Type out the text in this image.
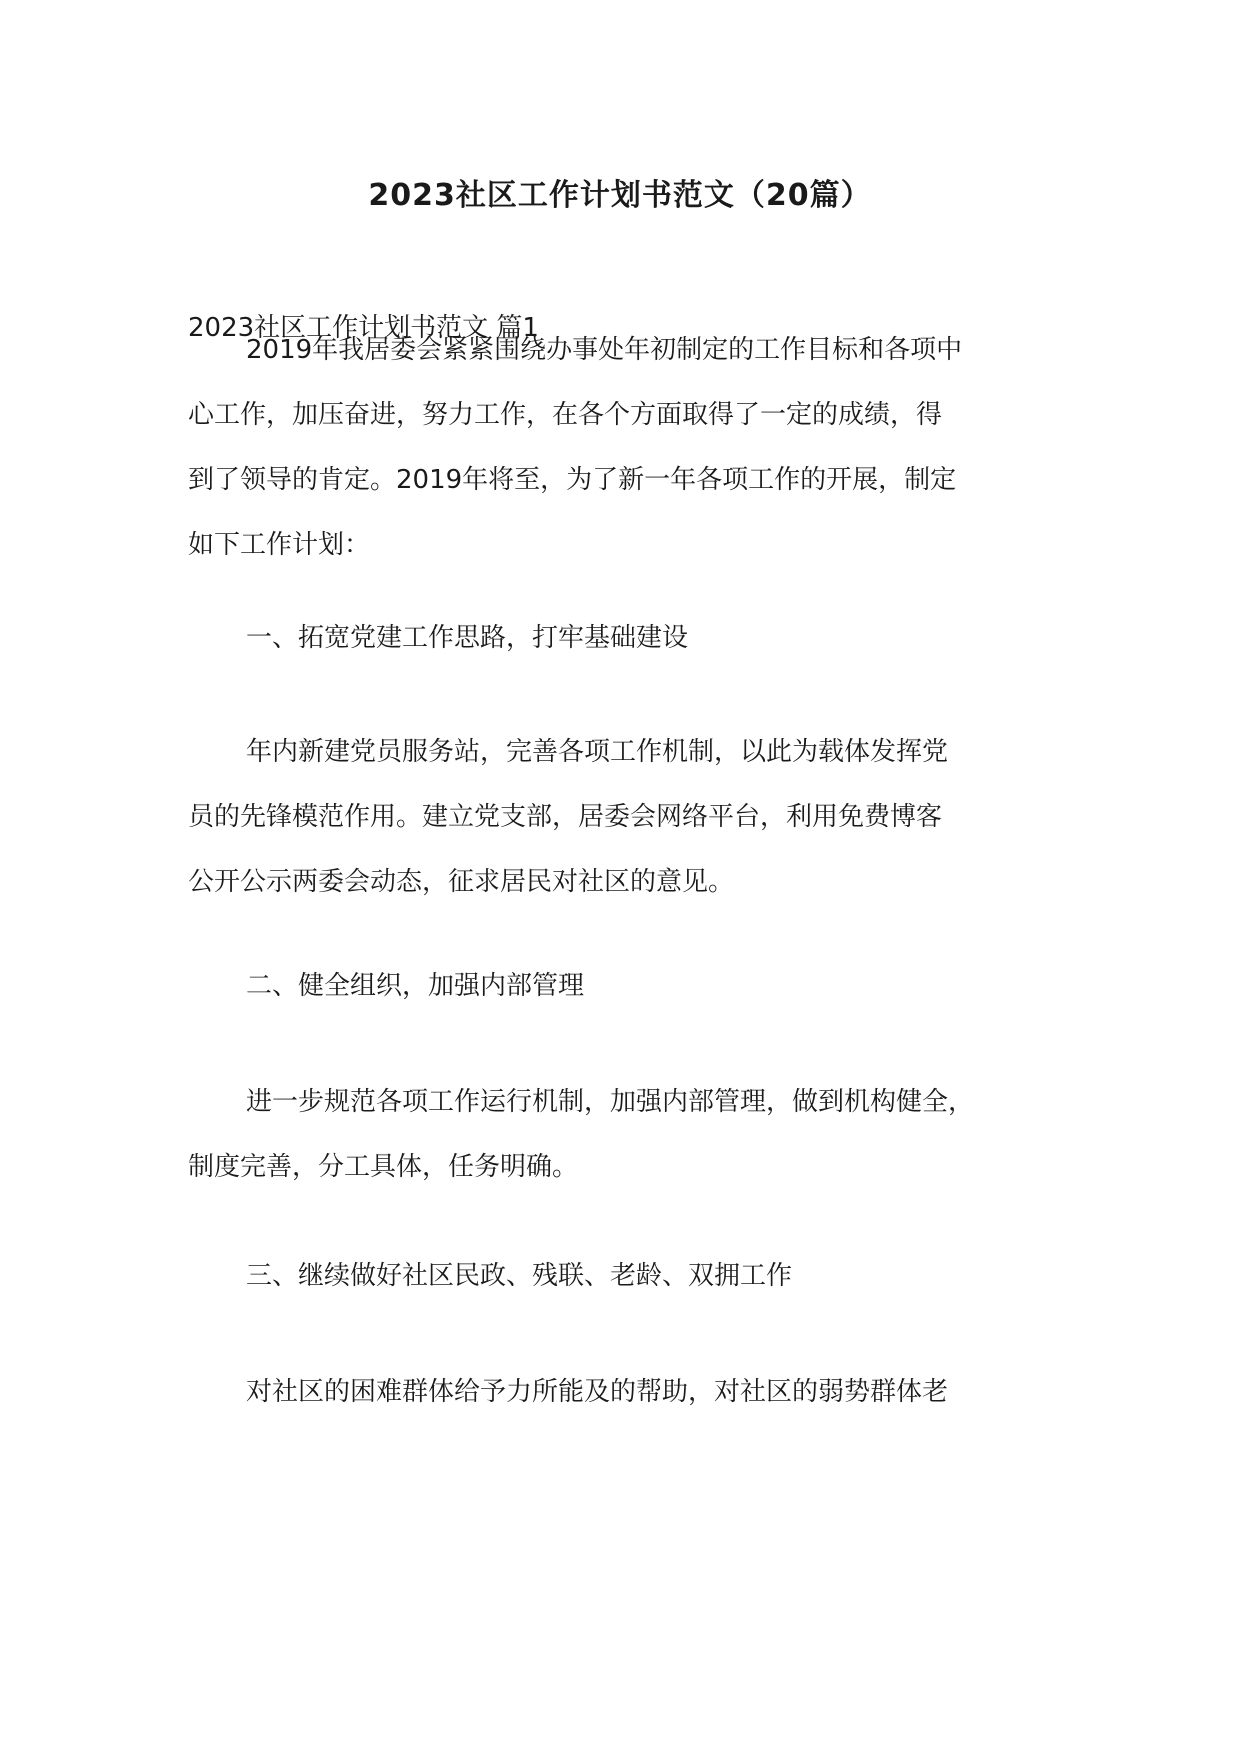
2023社区工作计划书范文（20篇）
2023社区工作计划书范文 篇1
2019年我居委会紧紧围绕办事处年初制定的工作目标和各项中
心工作，加压奋进，努力工作，在各个方面取得了一定的成绩，得
到了领导的肯定。2019年将至，为了新一年各项工作的开展，制定
如下工作计划：
一、拓宽党建工作思路，打牢基础建设
年内新建党员服务站，完善各项工作机制，以此为载体发挥党
员的先锋模范作用。建立党支部，居委会网络平台，利用免费博客
公开公示两委会动态，征求居民对社区的意见。
二、健全组织，加强内部管理
进一步规范各项工作运行机制，加强内部管理，做到机构健全，
制度完善，分工具体，任务明确。
三、继续做好社区民政、残联、老龄、双拥工作
对社区的困难群体给予力所能及的帮助，对社区的弱势群体老
